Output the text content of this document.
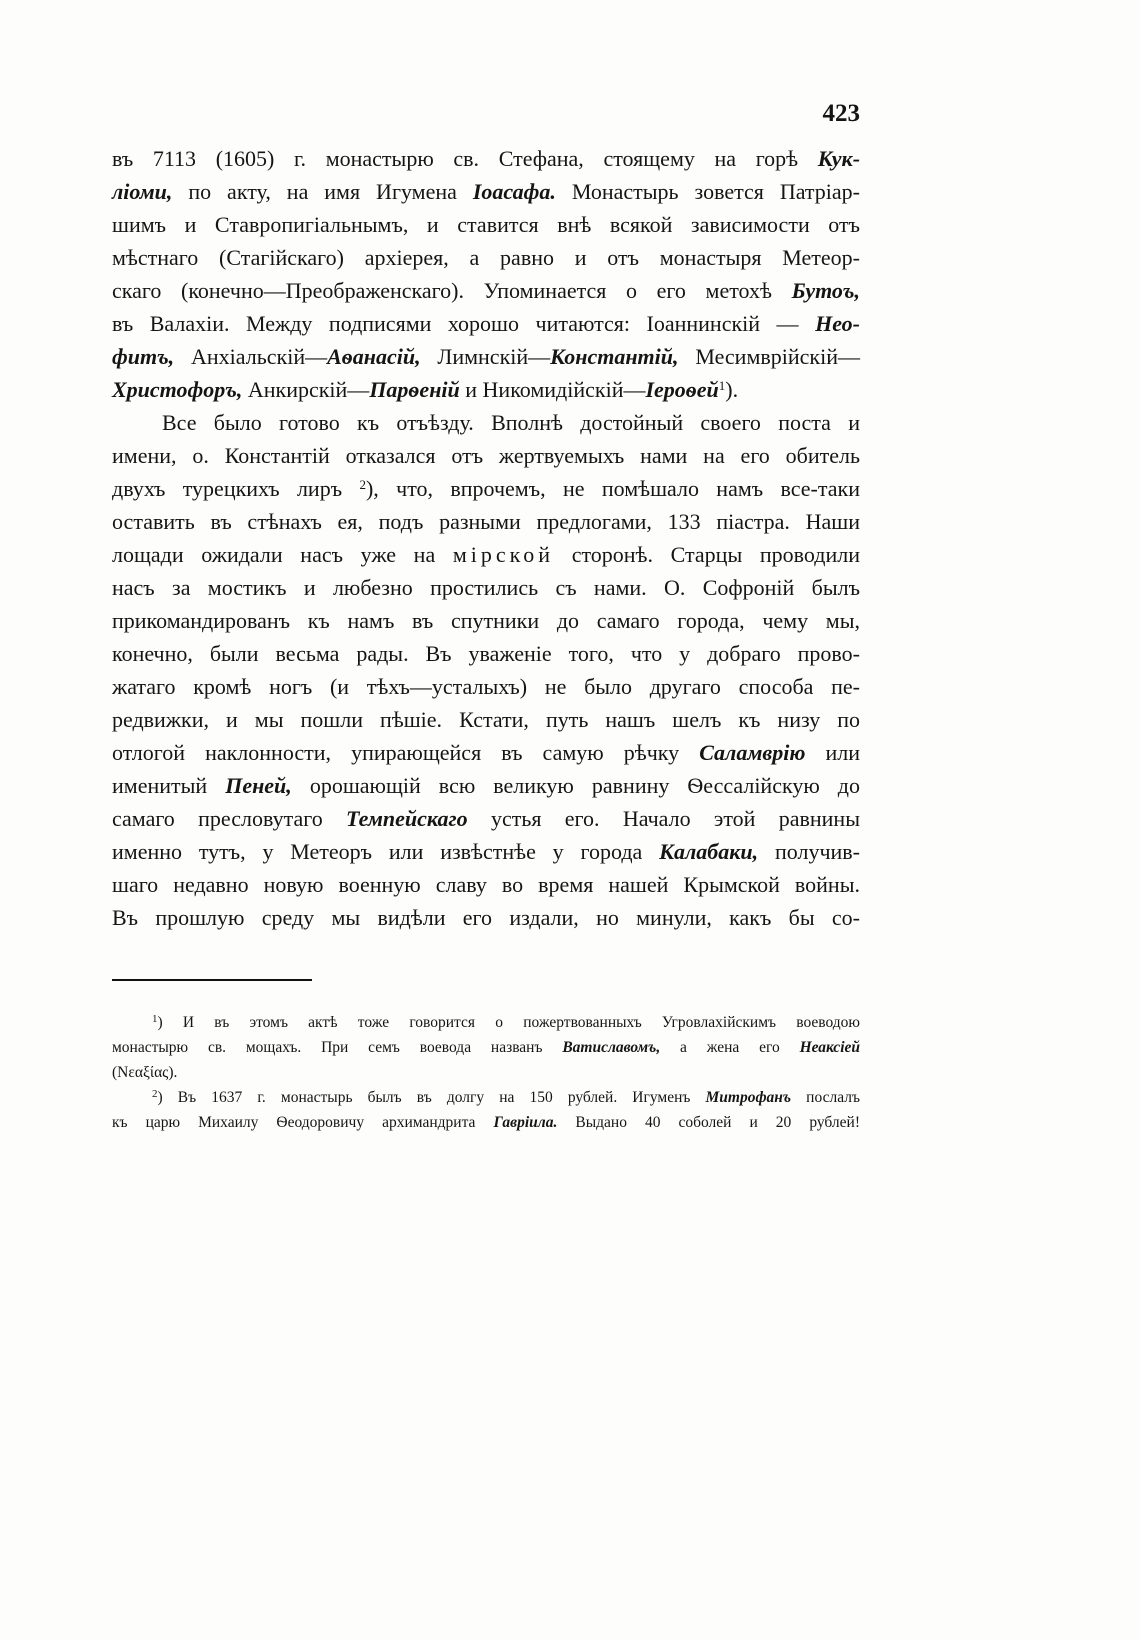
423
въ 7113 (1605) г. монастырю св. Стефана, стоящему на горѣ Кук-
ліоми, по акту, на имя Игумена Іоасафа. Монастырь зовется Патріар-
шимъ и Ставропигіальнымъ, и ставится внѣ всякой зависимости отъ
мѣстнаго (Стагійскаго) архіерея, а равно и отъ монастыря Метеор-
скаго (конечно—Преображенскаго). Упоминается о его метохѣ Бутоъ,
въ Валахіи. Между подписями хорошо читаются: Іоаннинскій — Нео-
фитъ, Анхіальскій—Аѳанасій, Лимнскій—Константій, Месимврійскій—
Христофоръ, Анкирскій—Парѳеній и Никомидійскій—Іероѳей$^1$).
Все было готово къ отъѣзду. Вполнѣ достойный своего поста и
имени, о. Константій отказался отъ жертвуемыхъ нами на его обитель
двухъ турецкихъ лиръ $^2$), что, впрочемъ, не помѣшало намъ все-таки
оставить въ стѣнахъ ея, подъ разными предлогами, 133 піастра. Наши
лощади ожидали насъ уже на мірской сторонѣ. Старцы проводили
насъ за мостикъ и любезно простились съ нами. О. Софроній былъ
прикомандированъ къ намъ въ спутники до самаго города, чему мы,
конечно, были весьма рады. Въ уваженіе того, что у добраго прово-
жатаго кромѣ ногъ (и тѣхъ—усталыхъ) не было другаго способа пе-
редвижки, и мы пошли пѣшіе. Кстати, путь нашъ шелъ къ низу по
отлогой наклонности, упирающейся въ самую рѣчку Саламврію или
именитый Пеней, орошающій всю великую равнину Ѳессалійскую до
самаго пресловутаго Темпейскаго устья его. Начало этой равнины
именно тутъ, у Метеоръ или извѣстнѣе у города Калабаки, получив-
шаго недавно новую военную славу во время нашей Крымской войны.
Въ прошлую среду мы видѣли его издали, но минули, какъ бы со-
$^1$) И въ этомъ актѣ тоже говорится о пожертвованныхъ Угровлахійскимъ воеводою
монастырю св. мощахъ. При семъ воевода названъ Ватиславомъ, а жена его Неаксіей
(Νεαξίας).
$^2$) Въ 1637 г. монастырь былъ въ долгу на 150 рублей. Игуменъ Митрофанъ послалъ
къ царю Михаилу Ѳеодоровичу архимандрита Гавріила. Выдано 40 соболей и 20 рублей!
